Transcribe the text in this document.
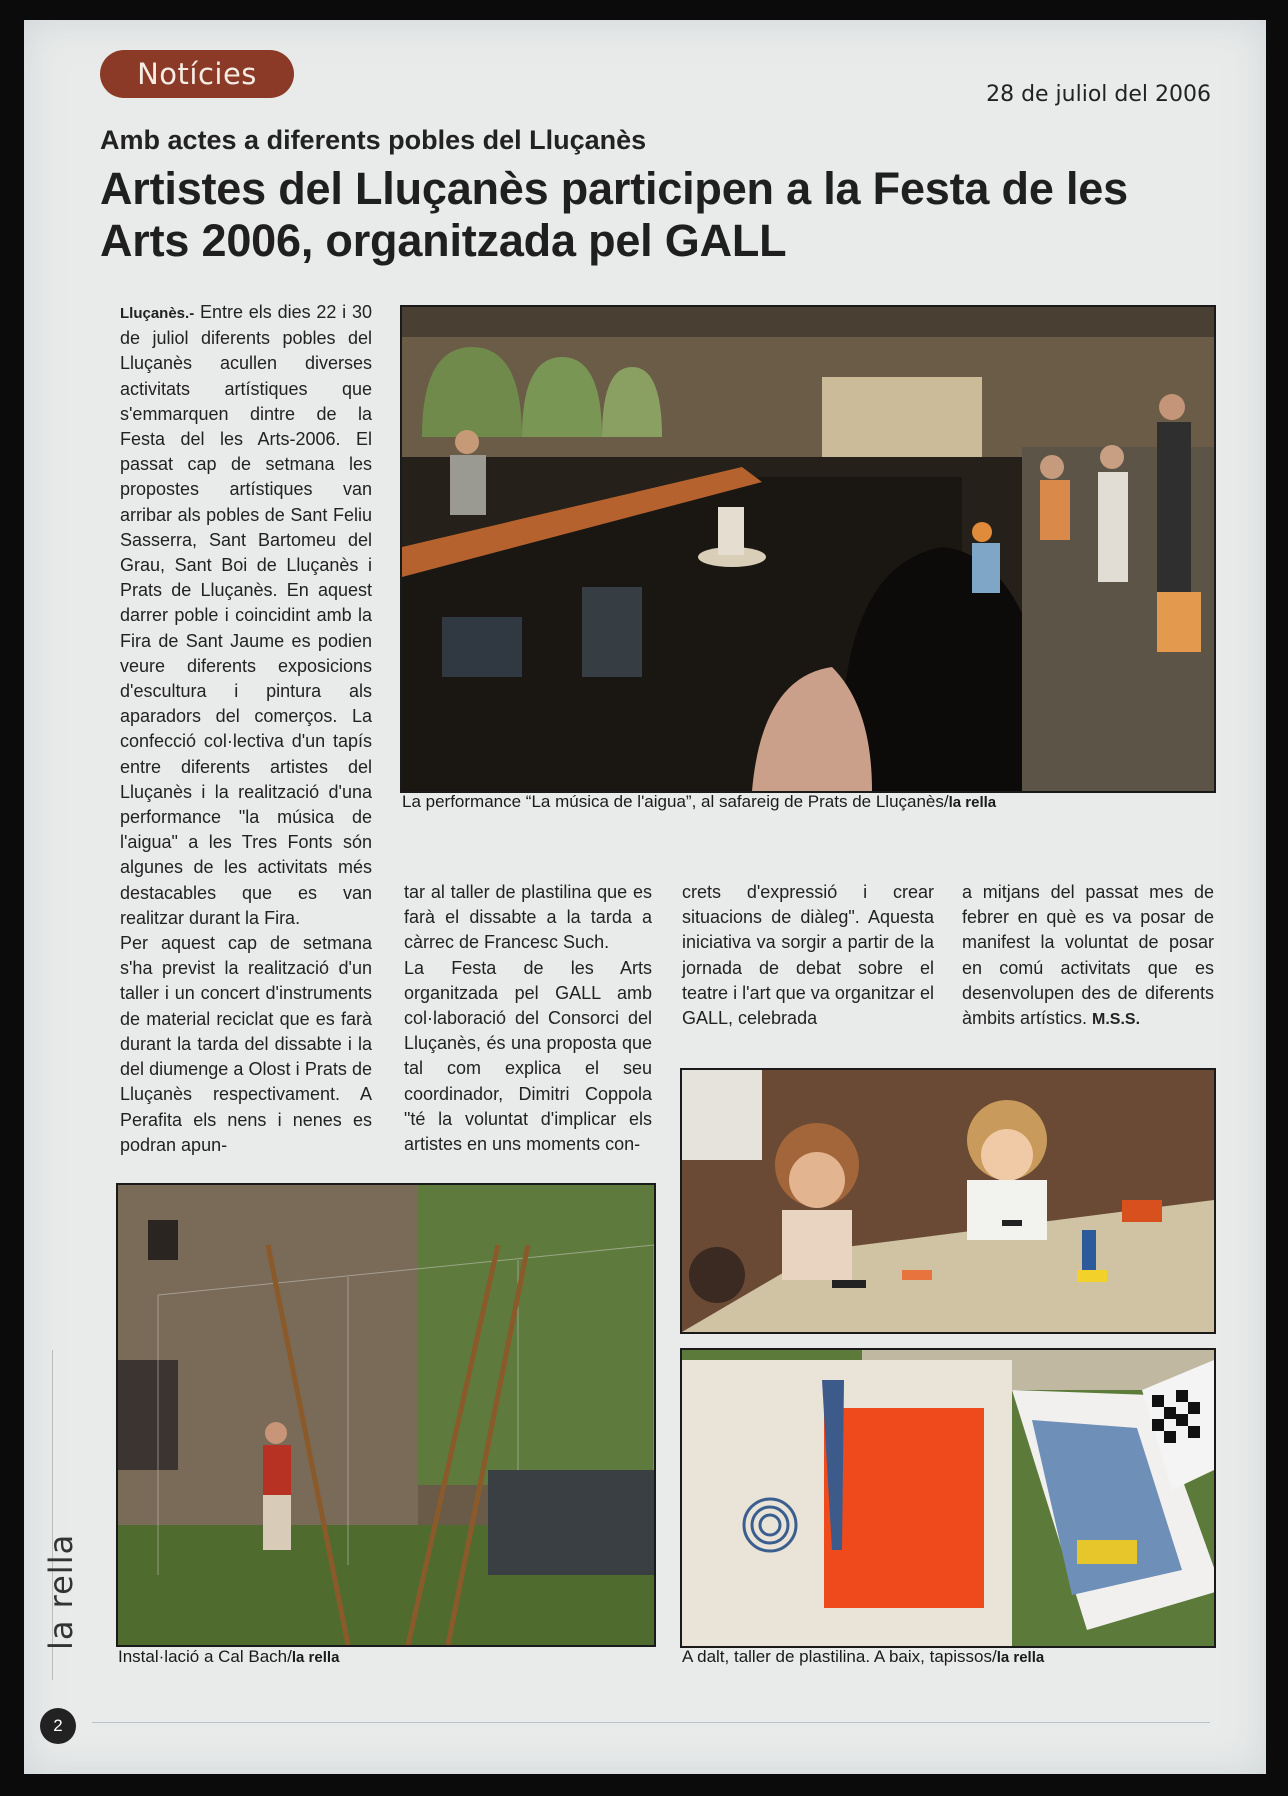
Notícies
28 de juliol del 2006
Amb actes a diferents pobles del Lluçanès
Artistes del Lluçanès participen a la Festa de les Arts 2006, organitzada pel GALL

Lluçanès.- Entre els dies 22 i 30 de juliol diferents pobles del Lluçanès acullen diverses activitats artístiques que s'emmarquen dintre de la Festa del les Arts-2006. El passat cap de setmana les propostes artístiques van arribar als pobles de Sant Feliu Sasserra, Sant Bartomeu del Grau, Sant Boi de Lluçanès i Prats de Lluçanès. En aquest darrer poble i coincidint amb la Fira de Sant Jaume es podien veure diferents exposicions d'escultura i pintura als aparadors del comerços. La confecció col·lectiva d'un tapís entre diferents artistes del Lluçanès i la realització d'una performance "la música de l'aigua" a les Tres Fonts són algunes de les activitats més destacables que es van realitzar durant la Fira.

Per aquest cap de setmana s'ha previst la realització d'un taller i un concert d'instruments de material reciclat que es farà durant la tarda del dissabte i la del diumenge a Olost i Prats de Lluçanès respectivament. A Perafita els nens i nenes es podran apun-

La performance “La música de l'aigua”, al safareig de Prats de Lluçanès/la rella

tar al taller de plastilina que es farà el dissabte a la tarda a càrrec de Francesc Such.

La Festa de les Arts organitzada pel GALL amb col·laboració del Consorci del Lluçanès, és una proposta que tal com explica el seu coordinador, Dimitri Coppola "té la voluntat d'implicar els artistes en uns moments con-

crets d'expressió i crear situacions de diàleg". Aquesta iniciativa va sorgir a partir de la jornada de debat sobre el teatre i l'art que va organitzar el GALL, celebrada

a mitjans del passat mes de febrer en què es va posar de manifest la voluntat de posar en comú activitats que es desenvolupen des de diferents àmbits artístics. M.S.S.

Instal·lació a Cal Bach/la rella	A dalt, taller de plastilina. A baix, tapissos/la rella
la rella
2
